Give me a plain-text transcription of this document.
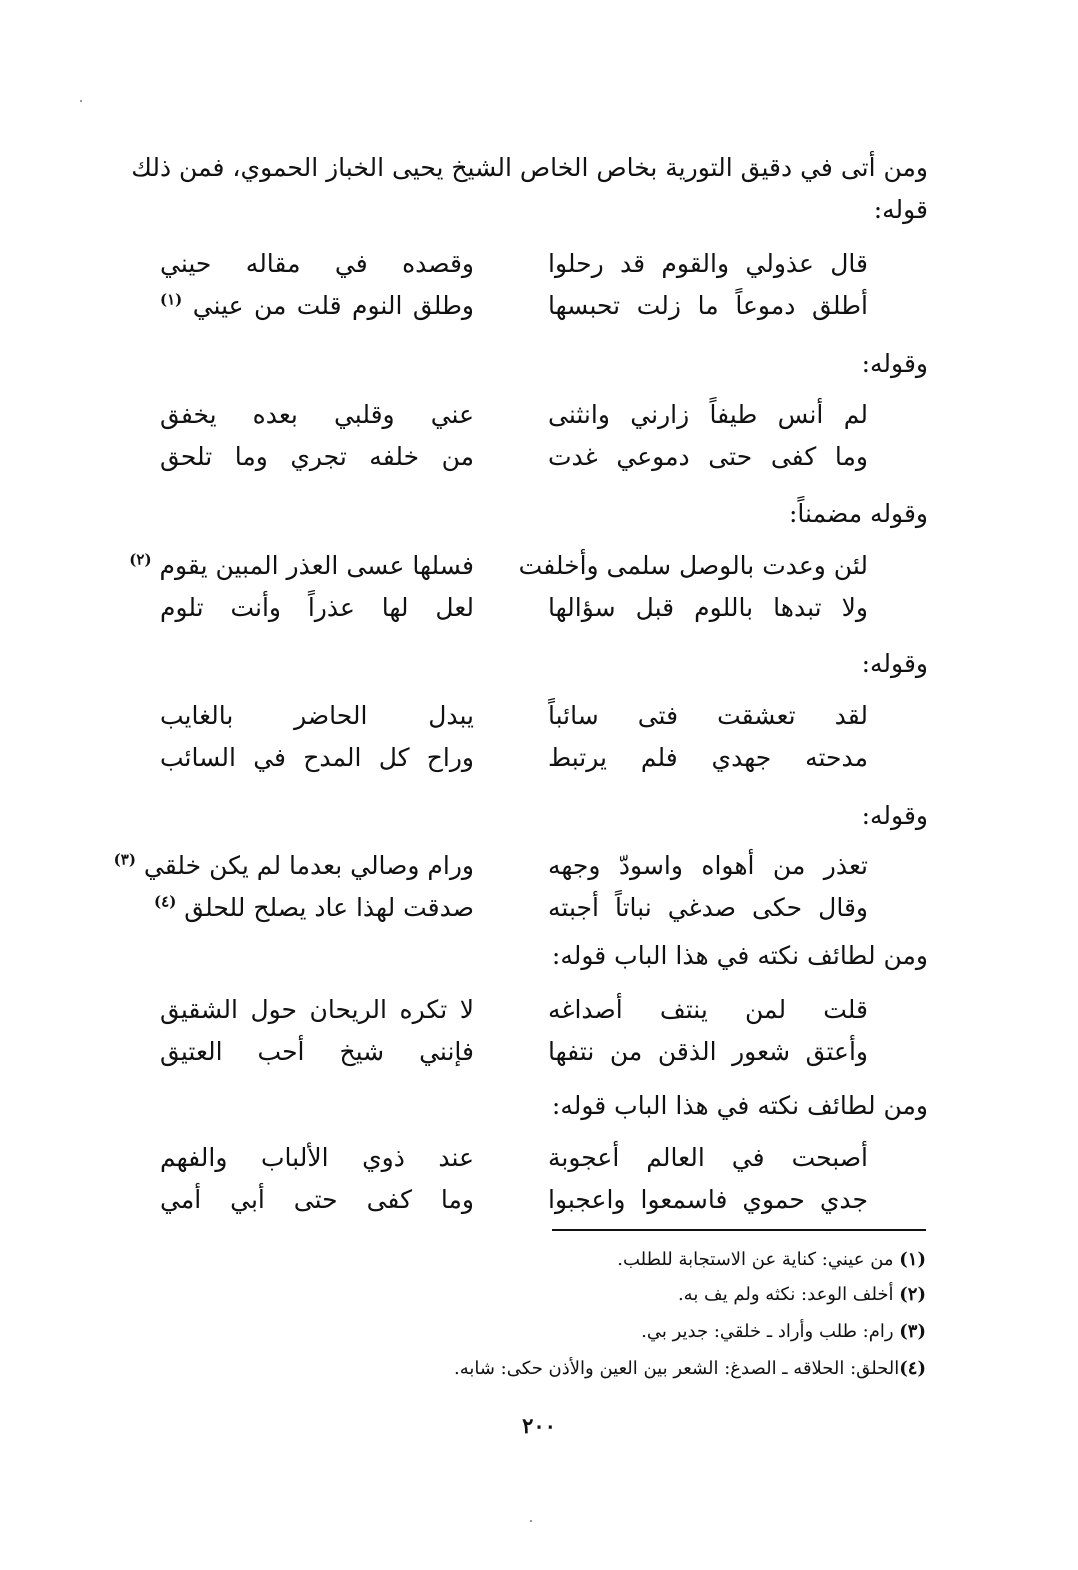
ومن أتى في دقيق التورية بخاص الخاص الشيخ يحيى الخباز الحموي، فمن ذلك
قوله:
قال عذولي والقوم قد رحلوا
وقصده في مقاله حيني
أطلق دموعاً ما زلت تحبسها
وطلق النوم قلت من عيني $^{(١)}$
وقوله:
لم أنس طيفاً زارني وانثنى
عني وقلبي بعده يخفق
وما كفى حتى دموعي غدت
من خلفه تجري وما تلحق
وقوله مضمناً:
لئن وعدت بالوصل سلمى وأخلفت
فسلها عسى العذر المبين يقوم $^{(٢)}$
ولا تبدها باللوم قبل سؤالها
لعل لها عذراً وأنت تلوم
وقوله:
لقد تعشقت فتى سائباً
يبدل الحاضر بالغايب
مدحته جهدي فلم يرتبط
وراح كل المدح في السائب
وقوله:
تعذر من أهواه واسودّ وجهه
ورام وصالي بعدما لم يكن خلقي $^{(٣)}$
وقال حكى صدغي نباتاً أجبته
صدقت لهذا عاد يصلح للحلق $^{(٤)}$
ومن لطائف نكته في هذا الباب قوله:
قلت لمن ينتف أصداغه
لا تكره الريحان حول الشقيق
وأعتق شعور الذقن من نتفها
فإنني شيخ أحب العتيق
ومن لطائف نكته في هذا الباب قوله:
أصبحت في العالم أعجوبة
عند ذوي الألباب والفهم
جدي حموي فاسمعوا واعجبوا
وما كفى حتى أبي أمي
(١) من عيني: كناية عن الاستجابة للطلب.
(٢) أخلف الوعد: نكثه ولم يف به.
(٣) رام: طلب وأراد ـ خلقي: جدير بي.
(٤)الحلق: الحلاقه ـ الصدغ: الشعر بين العين والأذن حكى: شابه.
٢٠٠
